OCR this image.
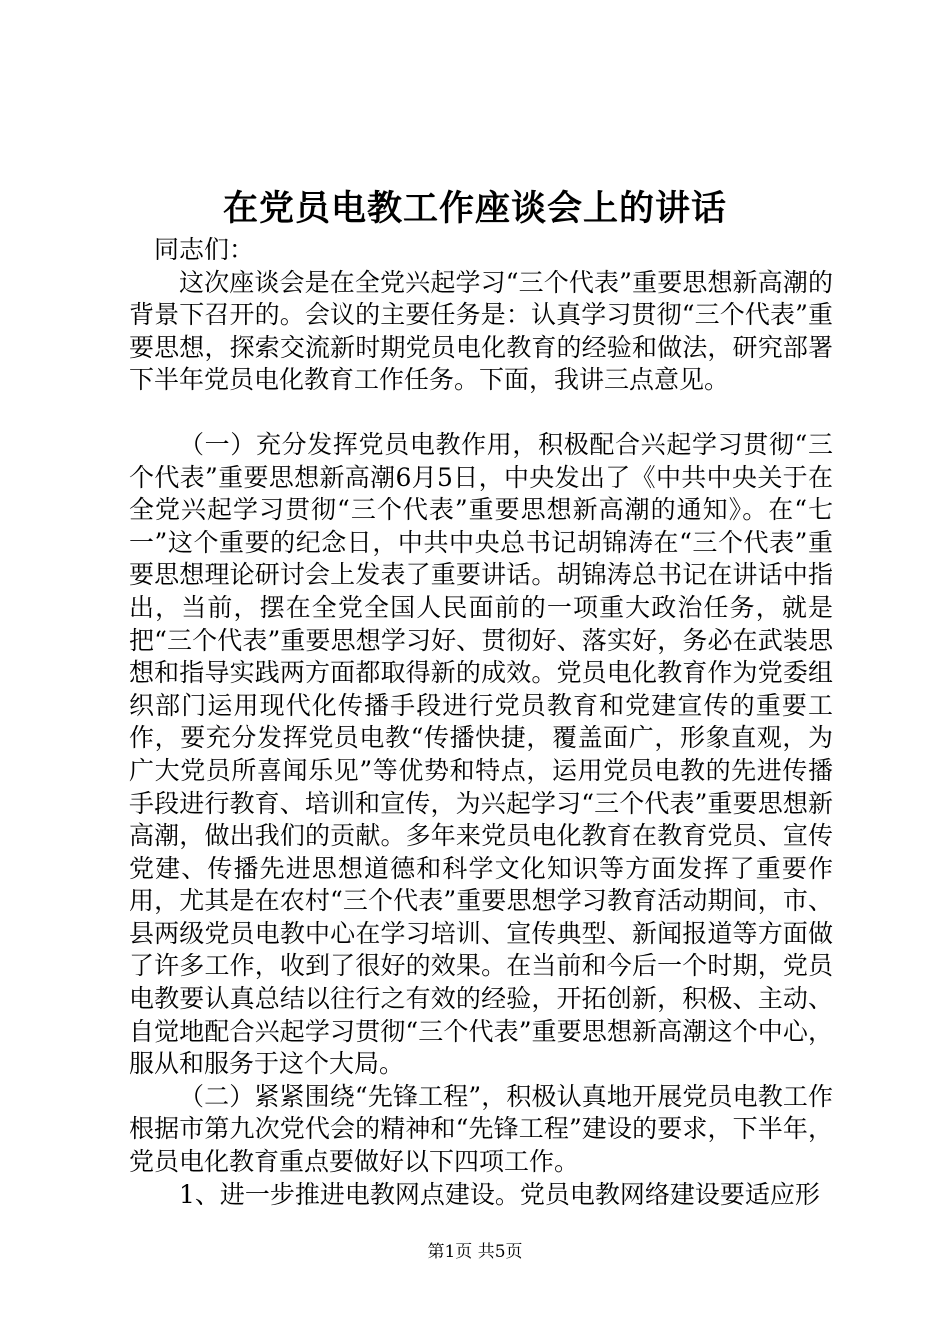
在党员电教工作座谈会上的讲话

同志们：

这次座谈会是在全党兴起学习“三个代表”重要思想新高潮的背景下召开的。会议的主要任务是：认真学习贯彻“三个代表”重要思想，探索交流新时期党员电化教育的经验和做法，研究部署下半年党员电化教育工作任务。下面，我讲三点意见。

（一）充分发挥党员电教作用，积极配合兴起学习贯彻“三个代表”重要思想新高潮6月5日，中央发出了《中共中央关于在全党兴起学习贯彻“三个代表”重要思想新高潮的通知》。在“七一”这个重要的纪念日，中共中央总书记胡锦涛在“三个代表”重要思想理论研讨会上发表了重要讲话。胡锦涛总书记在讲话中指出，当前，摆在全党全国人民面前的一项重大政治任务，就是把“三个代表”重要思想学习好、贯彻好、落实好，务必在武装思想和指导实践两方面都取得新的成效。党员电化教育作为党委组织部门运用现代化传播手段进行党员教育和党建宣传的重要工作，要充分发挥党员电教“传播快捷，覆盖面广，形象直观，为广大党员所喜闻乐见”等优势和特点，运用党员电教的先进传播手段进行教育、培训和宣传，为兴起学习“三个代表”重要思想新高潮，做出我们的贡献。多年来党员电化教育在教育党员、宣传党建、传播先进思想道德和科学文化知识等方面发挥了重要作用，尤其是在农村“三个代表”重要思想学习教育活动期间，市、县两级党员电教中心在学习培训、宣传典型、新闻报道等方面做了许多工作，收到了很好的效果。在当前和今后一个时期，党员电教要认真总结以往行之有效的经验，开拓创新，积极、主动、自觉地配合兴起学习贯彻“三个代表”重要思想新高潮这个中心，服从和服务于这个大局。

（二）紧紧围绕“先锋工程”，积极认真地开展党员电教工作根据市第九次党代会的精神和“先锋工程”建设的要求，下半年，党员电化教育重点要做好以下四项工作。

1、进一步推进电教网点建设。党员电教网络建设要适应形

第1页 共5页
